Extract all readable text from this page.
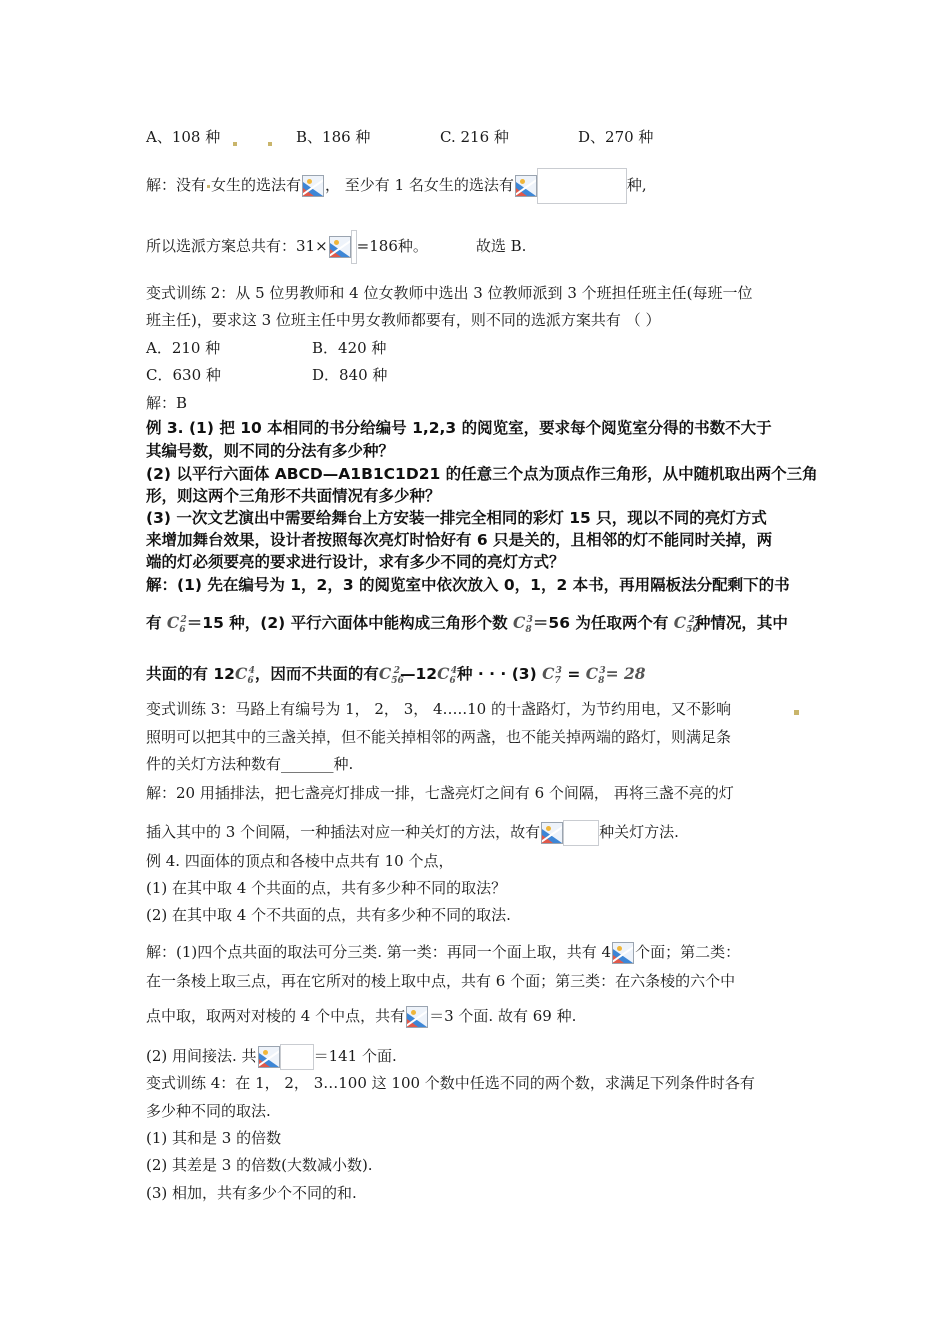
A、108 种	B、186 种	C. 216 种	D、270 种
解：没有 女生的选法有 ， 至少有 1 名女生的选法有	种,
所以选派方案总共有：31× =186种。	故选 B.
变式训练 2：从 5 位男教师和 4 位女教师中选出 3 位教师派到 3 个班担任班主任(每班一位
班主任)，要求这 3 位班主任中男女教师都要有，则不同的选派方案共有 （ ）
A．210 种	B．420 种
C．630 种	D．840 种
解：B
例 3. (1) 把 10 本相同的书分给编号 1,2,3 的阅览室，要求每个阅览室分得的书数不大于
其编号数，则不同的分法有多少种？
(2) 以平行六面体 ABCD—A1B1C1D21 的任意三个点为顶点作三角形，从中随机取出两个三角
形，则这两个三角形不共面情况有多少种？
(3) 一次文艺演出中需要给舞台上方安装一排完全相同的彩灯 15 只，现以不同的亮灯方式
来增加舞台效果，设计者按照每次亮灯时恰好有 6 只是关的，且相邻的灯不能同时关掉，两
端的灯必须要亮的要求进行设计，求有多少不同的亮灯方式？
解：(1) 先在编号为 1，2，3 的阅览室中依次放入 0，1，2 本书，再用隔板法分配剩下的书
有 $C_6^2=15$ 种，(2) 平行六面体中能构成三角形个数 $C_8^3=56$ 为任取两个有 $C_{56}^2$种情况，其中
共面的有 $12C_6^4$，因而不共面的有$C_{56}^2—12C_6^4$种 · · · (3) $C_7^3 = C_8^3= 28$
变式训练 3：马路上有编号为 1， 2， 3， 4…..10 的十盏路灯，为节约用电，又不影响
照明可以把其中的三盏关掉，但不能关掉相邻的两盏，也不能关掉两端的路灯，则满足条
件的关灯方法种数有_______种.
解：20 用插排法，把七盏亮灯排成一排，七盏亮灯之间有 6 个间隔， 再将三盏不亮的灯
插入其中的 3 个间隔，一种插法对应一种关灯的方法，故有	种关灯方法.
例 4. 四面体的顶点和各棱中点共有 10 个点，
(1) 在其中取 4 个共面的点，共有多少种不同的取法？
(2) 在其中取 4 个不共面的点，共有多少种不同的取法.
解：(1)四个点共面的取法可分三类. 第一类：再同一个面上取，共有 4 个面；第二类：
在一条棱上取三点，再在它所对的棱上取中点，共有 6 个面；第三类：在六条棱的六个中
点中取，取两对对棱的 4 个中点，共有 ＝3 个面. 故有 69 种.
(2) 用间接法. 共	＝141 个面.
变式训练 4：在 1， 2， 3…100 这 100 个数中任选不同的两个数，求满足下列条件时各有
多少种不同的取法.
(1) 其和是 3 的倍数
(2) 其差是 3 的倍数(大数减小数).
(3) 相加，共有多少个不同的和.
